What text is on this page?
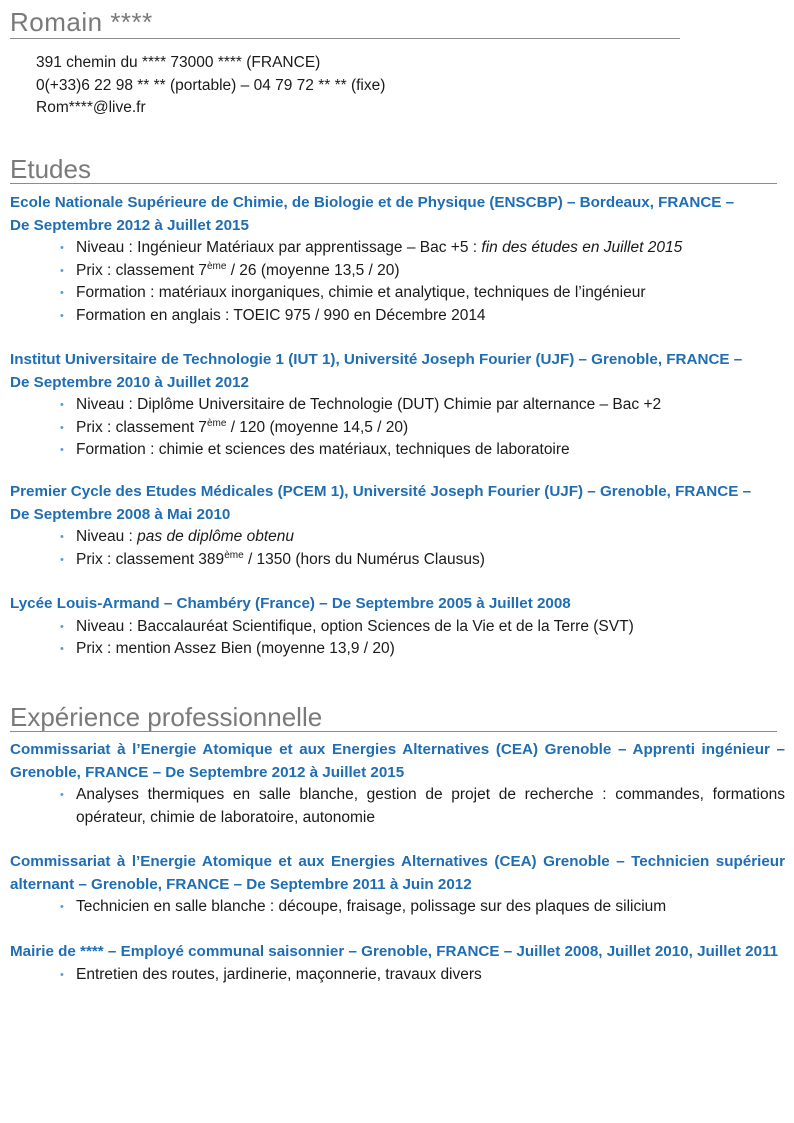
Romain ****
391 chemin du **** 73000 **** (FRANCE)
0(+33)6 22 98 ** ** (portable) – 04 79 72 ** ** (fixe)
Rom****@live.fr
Etudes
Ecole Nationale Supérieure de Chimie, de Biologie et de Physique (ENSCBP) – Bordeaux, FRANCE –
De Septembre 2012 à Juillet 2015
• Niveau : Ingénieur Matériaux par apprentissage – Bac +5 : fin des études en Juillet 2015
• Prix : classement 7ème / 26 (moyenne 13,5 / 20)
• Formation : matériaux inorganiques, chimie et analytique, techniques de l’ingénieur
• Formation en anglais : TOEIC 975 / 990 en Décembre 2014
Institut Universitaire de Technologie 1 (IUT 1), Université Joseph Fourier (UJF) – Grenoble, FRANCE –
De Septembre 2010 à Juillet 2012
• Niveau : Diplôme Universitaire de Technologie (DUT) Chimie par alternance – Bac +2
• Prix : classement 7ème / 120 (moyenne 14,5 / 20)
• Formation : chimie et sciences des matériaux, techniques de laboratoire
Premier Cycle des Etudes Médicales (PCEM 1), Université Joseph Fourier (UJF) – Grenoble, FRANCE –
De Septembre 2008 à Mai 2010
• Niveau : pas de diplôme obtenu
• Prix : classement 389ème / 1350 (hors du Numérus Clausus)
Lycée Louis-Armand – Chambéry (France) – De Septembre 2005 à Juillet 2008
• Niveau : Baccalauréat Scientifique, option Sciences de la Vie et de la Terre (SVT)
• Prix : mention Assez Bien (moyenne 13,9 / 20)
Expérience professionnelle
Commissariat à l’Energie Atomique et aux Energies Alternatives (CEA) Grenoble – Apprenti ingénieur – Grenoble, FRANCE – De Septembre 2012 à Juillet 2015
• Analyses thermiques en salle blanche, gestion de projet de recherche : commandes, formations opérateur, chimie de laboratoire, autonomie
Commissariat à l’Energie Atomique et aux Energies Alternatives (CEA) Grenoble – Technicien supérieur alternant – Grenoble, FRANCE – De Septembre 2011 à Juin 2012
• Technicien en salle blanche : découpe, fraisage, polissage sur des plaques de silicium
Mairie de **** – Employé communal saisonnier – Grenoble, FRANCE – Juillet 2008, Juillet 2010, Juillet 2011
• Entretien des routes, jardinerie, maçonnerie, travaux divers
